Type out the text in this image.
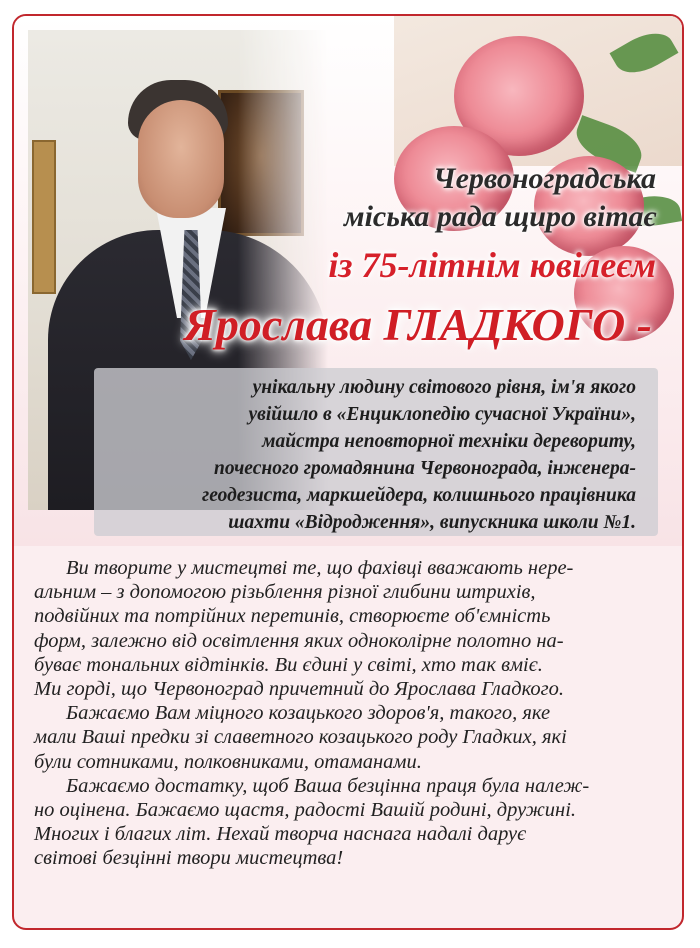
Червоноградська
міська рада щиро вітає
із 75-літнім ювілеєм
Ярослава ГЛАДКОГО -
унікальну людину світового рівня, ім'я якого
увійшло в «Енциклопедію сучасної України»,
майстра неповторної техніки деревориту,
почесного громадянина Червонограда, інженера-
геодезиста, маркшейдера, колишнього працівника
шахти «Відродження», випускника школи №1.
Ви творите у мистецтві те, що фахівці вважають нере-
альним – з допомогою різьблення різної глибини штрихів,
подвійних та потрійних перетинів, створюєте об'ємність
форм, залежно від освітлення яких одноколірне полотно на-
буває тональних відтінків. Ви єдині у світі, хто так вміє.
Ми горді, що Червоноград причетний до Ярослава Гладкого.
Бажаємо Вам міцного козацького здоров'я, такого, яке
мали Ваші предки зі славетного козацького роду Гладких, які
були сотниками, полковниками, отаманами.
Бажаємо достатку, щоб Ваша безцінна праця була належ-
но оцінена. Бажаємо щастя, радості Вашій родині, дружині.
Многих і благих літ. Нехай творча наснага надалі дарує
світові безцінні твори мистецтва!
